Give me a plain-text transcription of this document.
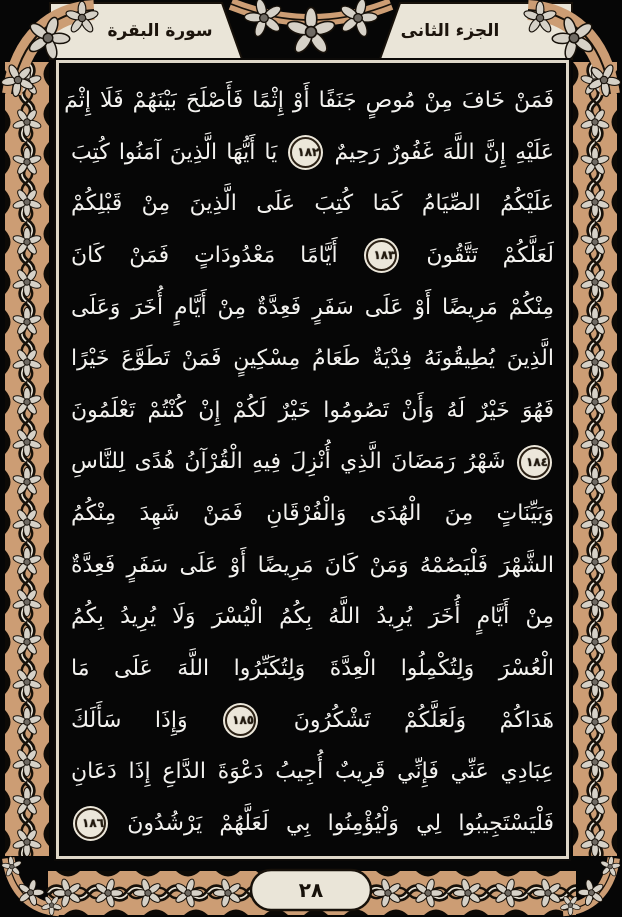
سورة البقرة	الجزء الثانى
فَمَنْ خَافَ مِنْ مُوصٍ جَنَفًا أَوْ إِثْمًا فَأَصْلَحَ بَيْنَهُمْ فَلَا إِثْمَ
عَلَيْهِ إِنَّ اللَّهَ غَفُورٌ رَحِيمٌ ١٨٢ يَا أَيُّهَا الَّذِينَ آمَنُوا كُتِبَ
عَلَيْكُمُ الصِّيَامُ كَمَا كُتِبَ عَلَى الَّذِينَ مِنْ قَبْلِكُمْ
لَعَلَّكُمْ تَتَّقُونَ ١٨٣ أَيَّامًا مَعْدُودَاتٍ فَمَنْ كَانَ
مِنْكُمْ مَرِيضًا أَوْ عَلَى سَفَرٍ فَعِدَّةٌ مِنْ أَيَّامٍ أُخَرَ وَعَلَى
الَّذِينَ يُطِيقُونَهُ فِدْيَةٌ طَعَامُ مِسْكِينٍ فَمَنْ تَطَوَّعَ خَيْرًا
فَهُوَ خَيْرٌ لَهُ وَأَنْ تَصُومُوا خَيْرٌ لَكُمْ إِنْ كُنْتُمْ تَعْلَمُونَ
١٨٤ شَهْرُ رَمَضَانَ الَّذِي أُنْزِلَ فِيهِ الْقُرْآنُ هُدًى لِلنَّاسِ
وَبَيِّنَاتٍ مِنَ الْهُدَى وَالْفُرْقَانِ فَمَنْ شَهِدَ مِنْكُمُ
الشَّهْرَ فَلْيَصُمْهُ وَمَنْ كَانَ مَرِيضًا أَوْ عَلَى سَفَرٍ فَعِدَّةٌ
مِنْ أَيَّامٍ أُخَرَ يُرِيدُ اللَّهُ بِكُمُ الْيُسْرَ وَلَا يُرِيدُ بِكُمُ
الْعُسْرَ وَلِتُكْمِلُوا الْعِدَّةَ وَلِتُكَبِّرُوا اللَّهَ عَلَى مَا
هَدَاكُمْ وَلَعَلَّكُمْ تَشْكُرُونَ ١٨٥ وَإِذَا سَأَلَكَ
عِبَادِي عَنِّي فَإِنِّي قَرِيبٌ أُجِيبُ دَعْوَةَ الدَّاعِ إِذَا دَعَانِ
فَلْيَسْتَجِيبُوا لِي وَلْيُؤْمِنُوا بِي لَعَلَّهُمْ يَرْشُدُونَ ١٨٦
٢٨
